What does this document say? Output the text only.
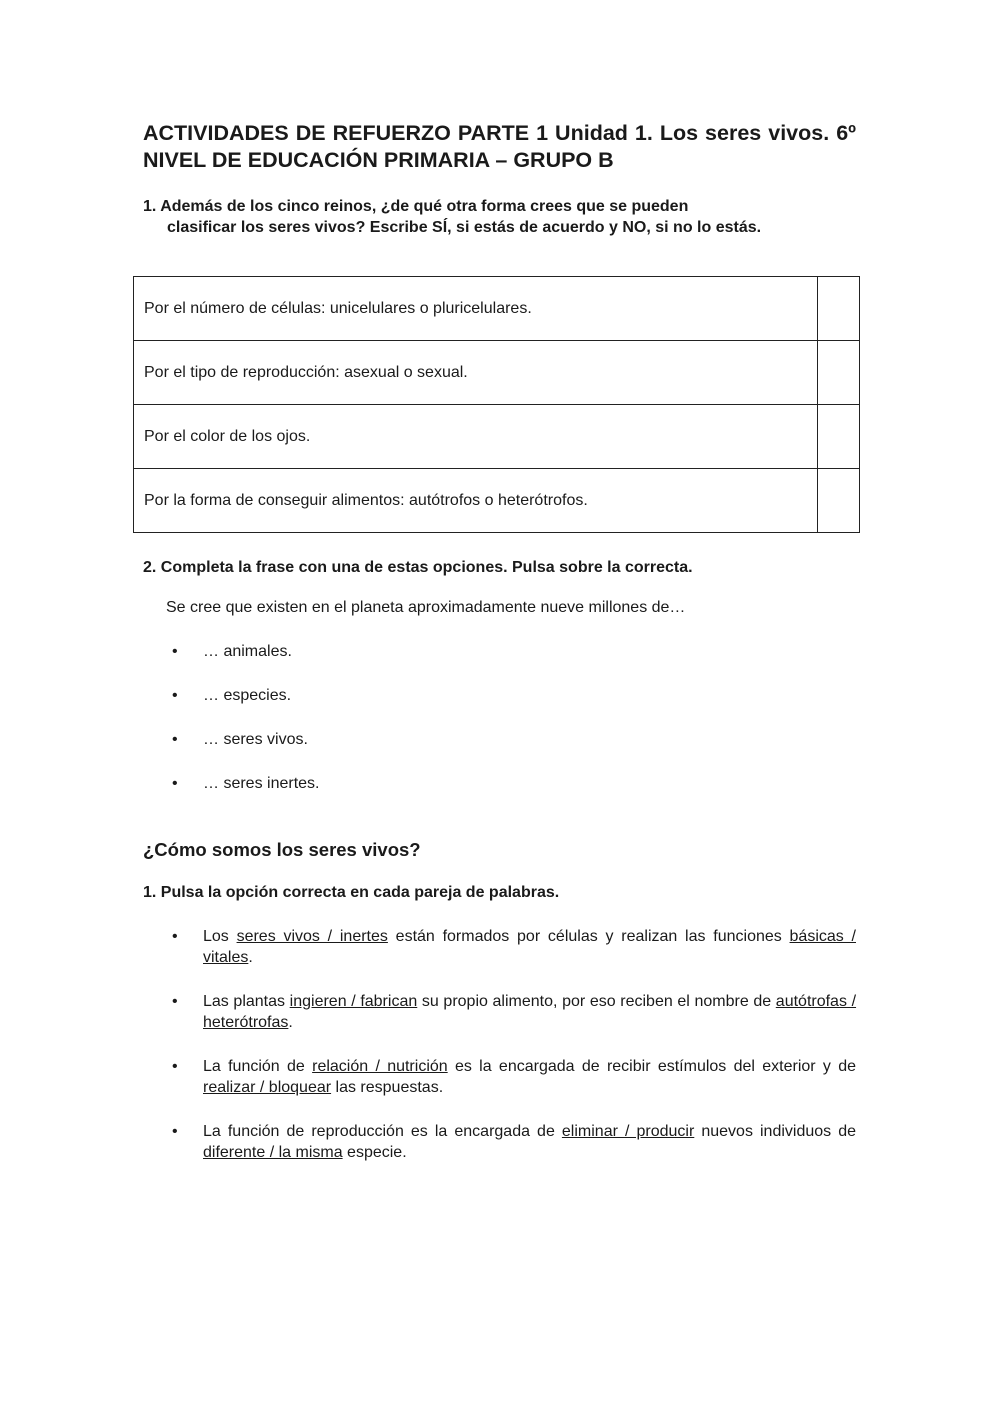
ACTIVIDADES DE REFUERZO PARTE 1 Unidad 1. Los seres vivos. 6º NIVEL DE EDUCACIÓN PRIMARIA – GRUPO B
1. Además de los cinco reinos, ¿de qué otra forma crees que se pueden
clasificar los seres vivos? Escribe SÍ, si estás de acuerdo y NO, si no lo estás.
Por el número de células: unicelulares o pluricelulares.	
Por el tipo de reproducción: asexual o sexual.	
Por el color de los ojos.	
Por la forma de conseguir alimentos: autótrofos o heterótrofos.	

2. Completa la frase con una de estas opciones. Pulsa sobre la correcta.

Se cree que existen en el planeta aproximadamente nueve millones de…

• … animales.
• … especies.
• … seres vivos.
• … seres inertes.
¿Cómo somos los seres vivos?

1. Pulsa la opción correcta en cada pareja de palabras.

• Los seres vivos / inertes están formados por células y realizan las funciones básicas / vitales.

• Las plantas ingieren / fabrican su propio alimento, por eso reciben el nombre de autótrofas / heterótrofas.

• La función de relación / nutrición es la encargada de recibir estímulos del exterior y de realizar / bloquear las respuestas.

• La función de reproducción es la encargada de eliminar / producir nuevos individuos de diferente / la misma especie.
